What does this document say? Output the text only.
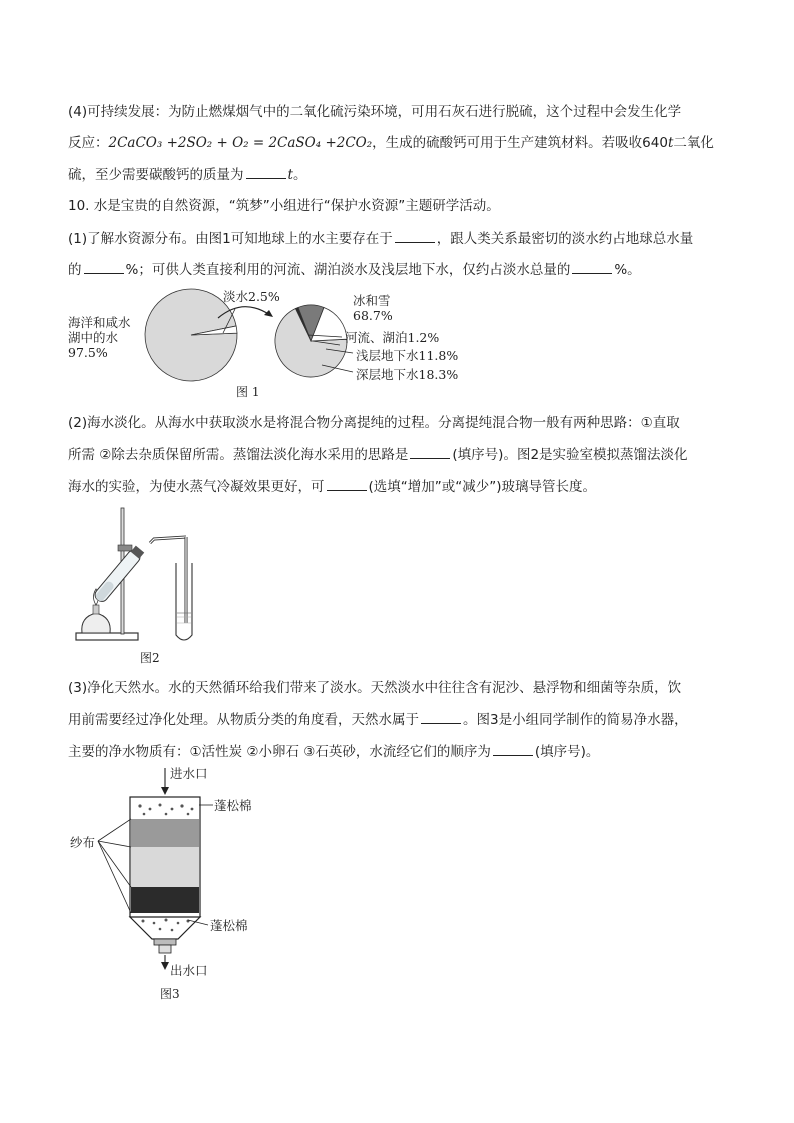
(4)可持续发展：为防止燃煤烟气中的二氧化硫污染环境，可用石灰石进行脱硫，这个过程中会发生化学
反应：2CaCO₃ +2SO₂ + O₂ = 2CaSO₄ +2CO₂，生成的硫酸钙可用于生产建筑材料。若吸收640t二氧化
硫，至少需要碳酸钙的质量为	t。
10. 水是宝贵的自然资源，“筑梦”小组进行“保护水资源”主题研学活动。
(1)了解水资源分布。由图1可知地球上的水主要存在于	，跟人类关系最密切的淡水约占地球总水量
的	%；可供人类直接利用的河流、湖泊淡水及浅层地下水，仅约占淡水总量的	%。
海洋和咸水
湖中的水
97.5%
淡水2.5%	冰和雪
68.7%
河流、湖泊1.2%
浅层地下水11.8%
深层地下水18.3%
图 1
(2)海水淡化。从海水中获取淡水是将混合物分离提纯的过程。分离提纯混合物一般有两种思路：①直取
所需 ②除去杂质保留所需。蒸馏法淡化海水采用的思路是	(填序号)。图2是实验室模拟蒸馏法淡化
海水的实验，为使水蒸气冷凝效果更好，可	(选填“增加”或“减少”)玻璃导管长度。
图2
(3)净化天然水。水的天然循环给我们带来了淡水。天然淡水中往往含有泥沙、悬浮物和细菌等杂质，饮
用前需要经过净化处理。从物质分类的角度看，天然水属于	。图3是小组同学制作的简易净水器，
主要的净水物质有：①活性炭 ②小卵石 ③石英砂，水流经它们的顺序为	(填序号)。
进水口
蓬松棉
纱布
蓬松棉
出水口
图3
